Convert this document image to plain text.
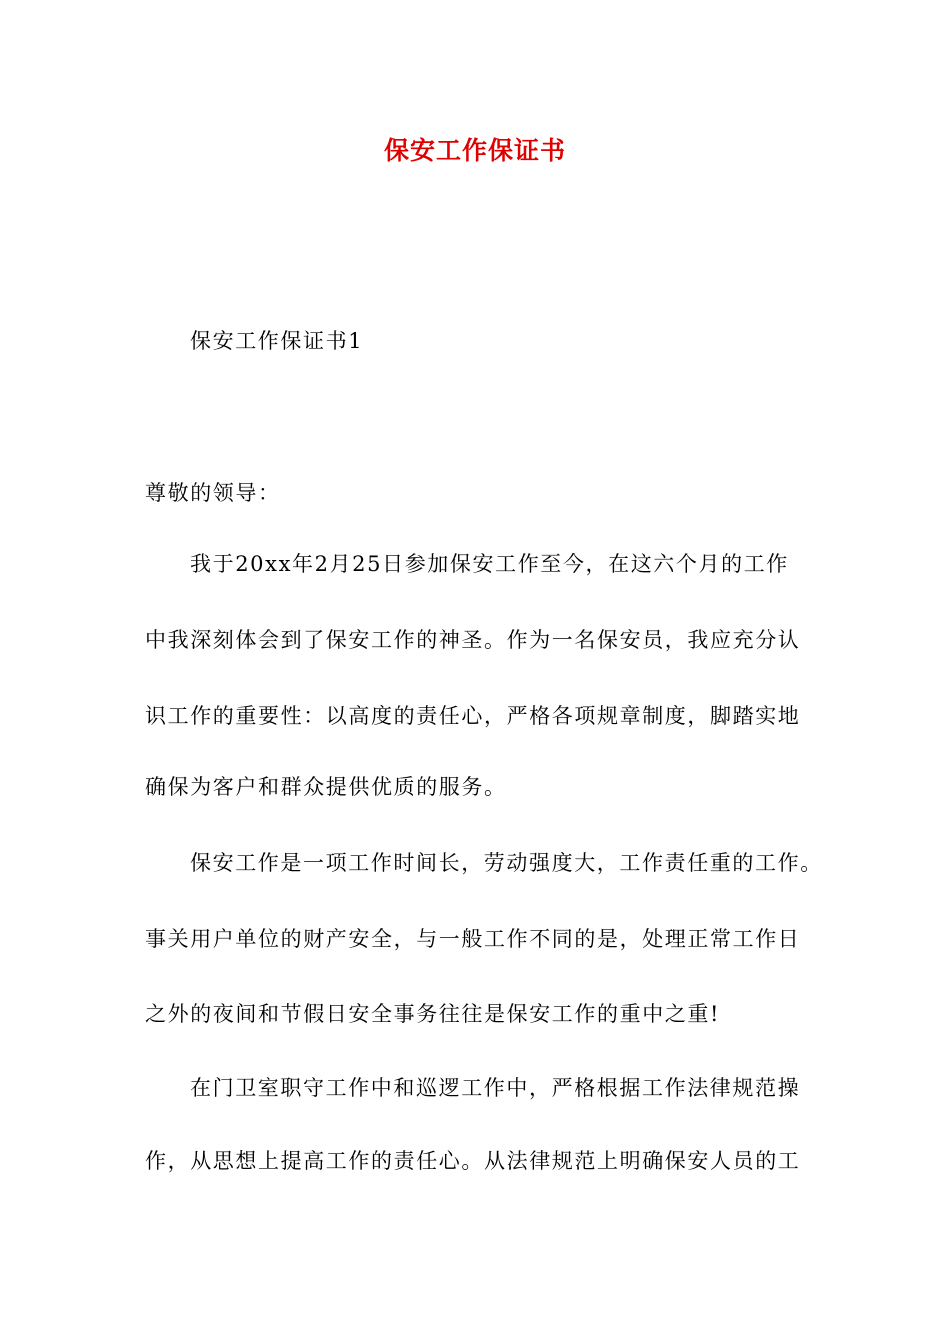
保安工作保证书
保安工作保证书1
尊敬的领导：
我于20xx年2月25日参加保安工作至今，在这六个月的工作
中我深刻体会到了保安工作的神圣。作为一名保安员，我应充分认
识工作的重要性：以高度的责任心，严格各项规章制度，脚踏实地
确保为客户和群众提供优质的服务。
保安工作是一项工作时间长，劳动强度大，工作责任重的工作。
事关用户单位的财产安全，与一般工作不同的是，处理正常工作日
之外的夜间和节假日安全事务往往是保安工作的重中之重!
在门卫室职守工作中和巡逻工作中，严格根据工作法律规范操
作，从思想上提高工作的责任心。从法律规范上明确保安人员的工
